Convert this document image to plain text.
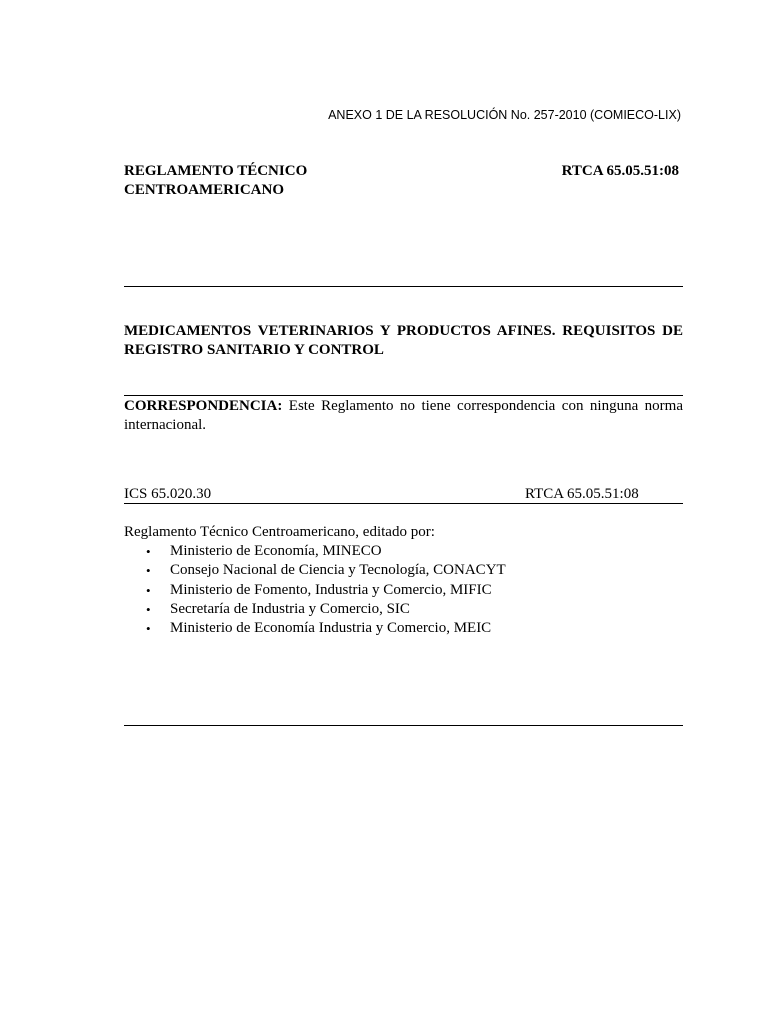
ANEXO 1 DE LA RESOLUCIÓN No. 257-2010 (COMIECO-LIX)
REGLAMENTO TÉCNICO
CENTROAMERICANO
RTCA 65.05.51:08
MEDICAMENTOS VETERINARIOS Y PRODUCTOS AFINES. REQUISITOS DE REGISTRO SANITARIO Y CONTROL
CORRESPONDENCIA: Este Reglamento no tiene correspondencia con ninguna norma internacional.
ICS 65.020.30	RTCA 65.05.51:08
Reglamento Técnico Centroamericano, editado por:
• Ministerio de Economía, MINECO
• Consejo Nacional de Ciencia y Tecnología, CONACYT
• Ministerio de Fomento, Industria y Comercio, MIFIC
• Secretaría de Industria y Comercio, SIC
• Ministerio de Economía Industria y Comercio, MEIC
